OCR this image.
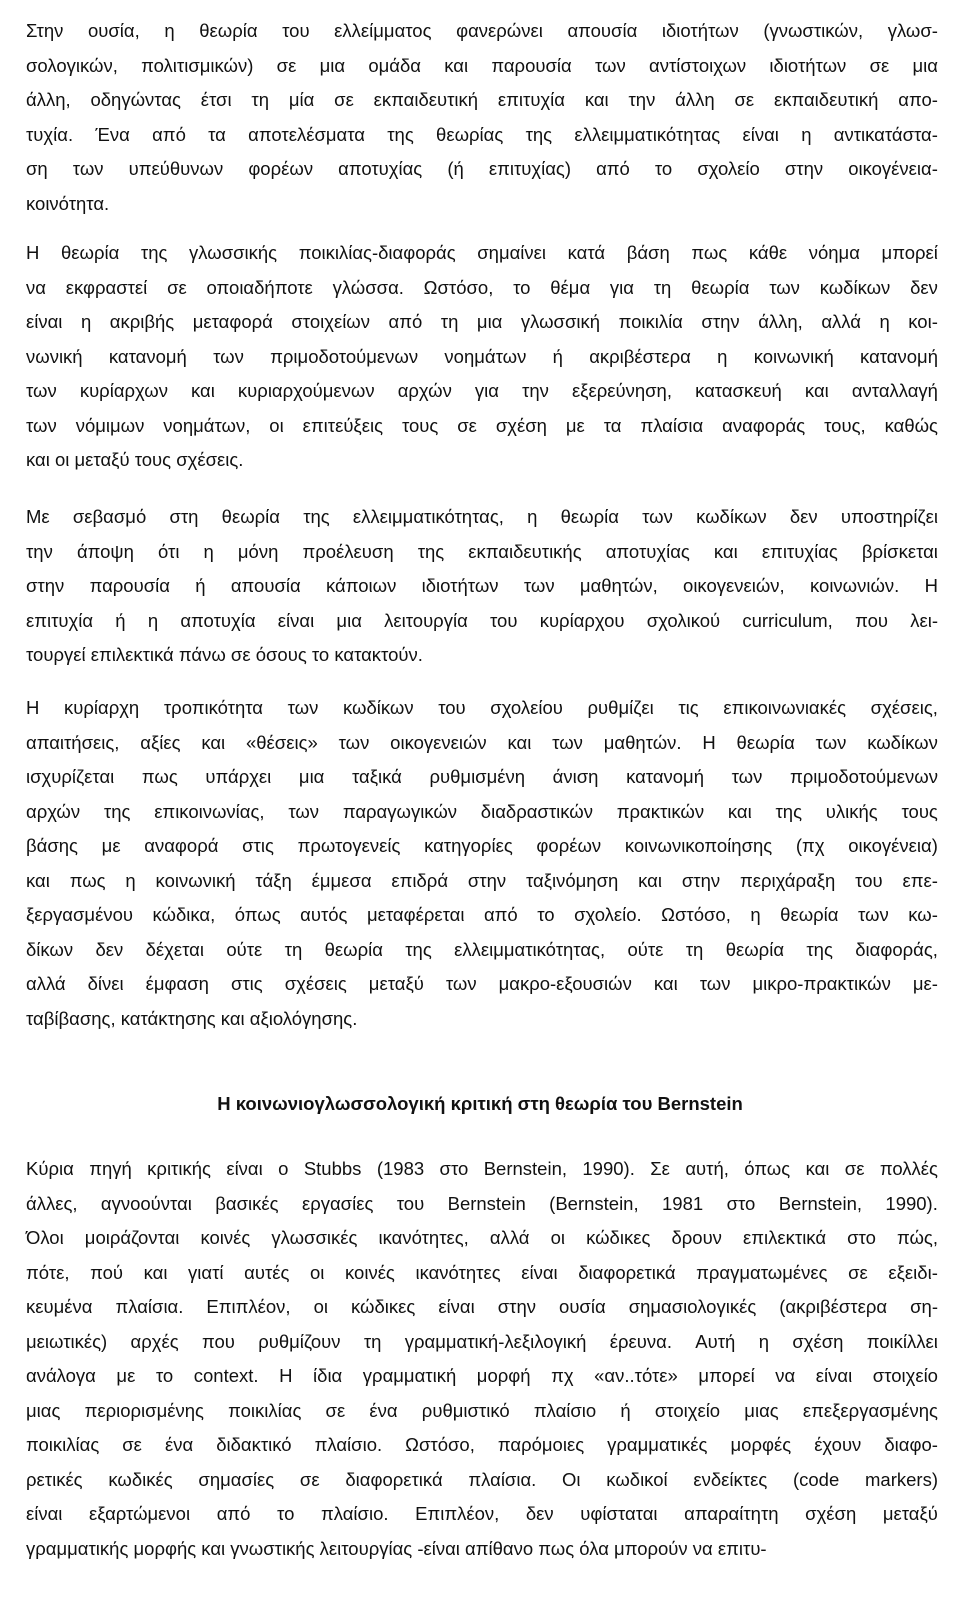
Στην ουσία, η θεωρία του ελλείμματος φανερώνει απουσία ιδιοτήτων (γνωστικών, γλωσ-
σολογικών, πολιτισμικών) σε μια ομάδα και παρουσία των αντίστοιχων ιδιοτήτων σε μια
άλλη, οδηγώντας έτσι τη μία σε εκπαιδευτική επιτυχία και την άλλη σε εκπαιδευτική απο-
τυχία. Ένα από τα αποτελέσματα της θεωρίας της ελλειμματικότητας είναι η αντικατάστα-
ση των υπεύθυνων φορέων αποτυχίας (ή επιτυχίας) από το σχολείο στην οικογένεια-
κοινότητα.
Η θεωρία της γλωσσικής ποικιλίας-διαφοράς σημαίνει κατά βάση πως κάθε νόημα μπορεί
να εκφραστεί σε οποιαδήποτε γλώσσα. Ωστόσο, το θέμα για τη θεωρία των κωδίκων δεν
είναι η ακριβής μεταφορά στοιχείων από τη μια γλωσσική ποικιλία στην άλλη, αλλά η κοι-
νωνική κατανομή των πριμοδοτούμενων νοημάτων ή ακριβέστερα η κοινωνική κατανομή
των κυρίαρχων και κυριαρχούμενων αρχών για την εξερεύνηση, κατασκευή και ανταλλαγή
των νόμιμων νοημάτων, οι επιτεύξεις τους σε σχέση με τα πλαίσια αναφοράς τους, καθώς
και οι μεταξύ τους σχέσεις.
Με σεβασμό στη θεωρία της ελλειμματικότητας, η θεωρία των κωδίκων δεν υποστηρίζει
την άποψη ότι η μόνη προέλευση της εκπαιδευτικής αποτυχίας και επιτυχίας βρίσκεται
στην παρουσία ή απουσία κάποιων ιδιοτήτων των μαθητών, οικογενειών, κοινωνιών. Η
επιτυχία ή η αποτυχία είναι μια λειτουργία του κυρίαρχου σχολικού curriculum, που λει-
τουργεί επιλεκτικά πάνω σε όσους το κατακτούν.
Η κυρίαρχη τροπικότητα των κωδίκων του σχολείου ρυθμίζει τις επικοινωνιακές σχέσεις,
απαιτήσεις, αξίες και «θέσεις» των οικογενειών και των μαθητών. Η θεωρία των κωδίκων
ισχυρίζεται πως υπάρχει μια ταξικά ρυθμισμένη άνιση κατανομή των πριμοδοτούμενων
αρχών της επικοινωνίας, των παραγωγικών διαδραστικών πρακτικών και της υλικής τους
βάσης με αναφορά στις πρωτογενείς κατηγορίες φορέων κοινωνικοποίησης (πχ οικογένεια)
και πως η κοινωνική τάξη έμμεσα επιδρά στην ταξινόμηση και στην περιχάραξη του επε-
ξεργασμένου κώδικα, όπως αυτός μεταφέρεται από το σχολείο. Ωστόσο, η θεωρία των κω-
δίκων δεν δέχεται ούτε τη θεωρία της ελλειμματικότητας, ούτε τη θεωρία της διαφοράς,
αλλά δίνει έμφαση στις σχέσεις μεταξύ των μακρο-εξουσιών και των μικρο-πρακτικών με-
ταβίβασης, κατάκτησης και αξιολόγησης.
Η κοινωνιογλωσσολογική κριτική στη θεωρία του Bernstein
Κύρια πηγή κριτικής είναι ο Stubbs (1983 στο Bernstein, 1990). Σε αυτή, όπως και σε πολλές
άλλες, αγνοούνται βασικές εργασίες του Bernstein (Bernstein, 1981 στο Bernstein, 1990).
Όλοι μοιράζονται κοινές γλωσσικές ικανότητες, αλλά οι κώδικες δρουν επιλεκτικά στο πώς,
πότε, πού και γιατί αυτές οι κοινές ικανότητες είναι διαφορετικά πραγματωμένες σε εξειδι-
κευμένα πλαίσια. Επιπλέον, οι κώδικες είναι στην ουσία σημασιολογικές (ακριβέστερα ση-
μειωτικές) αρχές που ρυθμίζουν τη γραμματική-λεξιλογική έρευνα. Αυτή η σχέση ποικίλλει
ανάλογα με το context. Η ίδια γραμματική μορφή πχ «αν..τότε» μπορεί να είναι στοιχείο
μιας περιορισμένης ποικιλίας σε ένα ρυθμιστικό πλαίσιο ή στοιχείο μιας επεξεργασμένης
ποικιλίας σε ένα διδακτικό πλαίσιο. Ωστόσο, παρόμοιες γραμματικές μορφές έχουν διαφο-
ρετικές κωδικές σημασίες σε διαφορετικά πλαίσια. Οι κωδικοί ενδείκτες (code markers)
είναι εξαρτώμενοι από το πλαίσιο. Επιπλέον, δεν υφίσταται απαραίτητη σχέση μεταξύ
γραμματικής μορφής και γνωστικής λειτουργίας -είναι απίθανο πως όλα μπορούν να επιτυ-
